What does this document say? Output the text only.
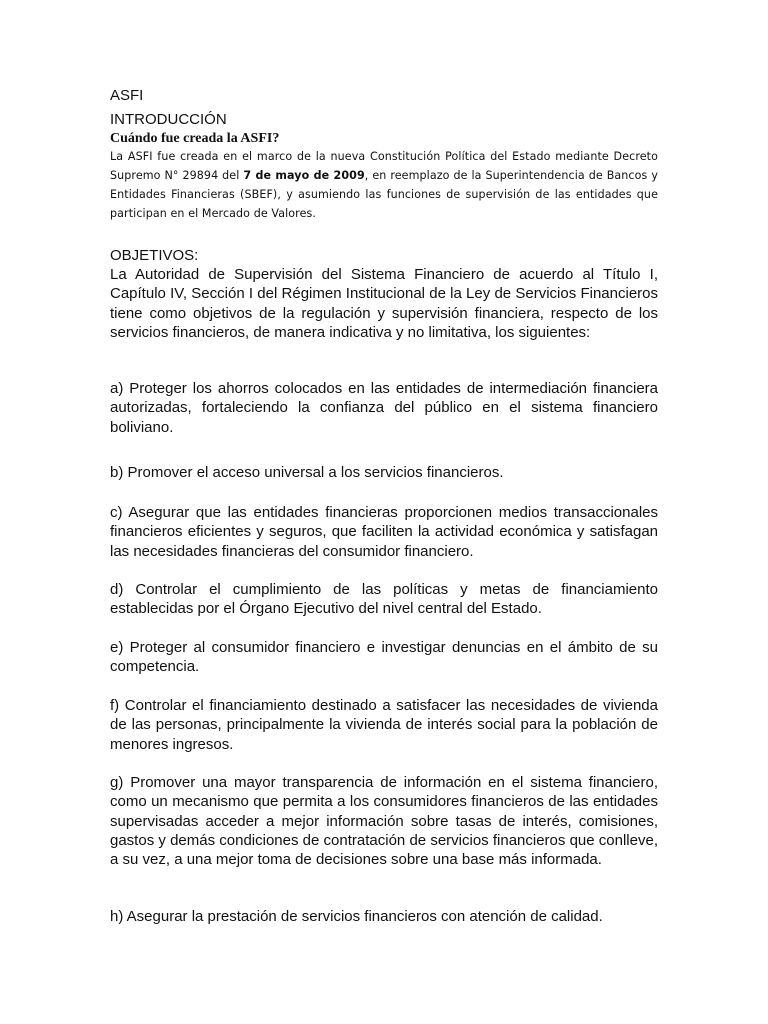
ASFI

INTRODUCCIÓN

Cuándo fue creada la ASFI?

La ASFI fue creada en el marco de la nueva Constitución Política del Estado mediante Decreto Supremo N° 29894 del 7 de mayo de 2009, en reemplazo de la Superintendencia de Bancos y Entidades Financieras (SBEF), y asumiendo las funciones de supervisión de las entidades que participan en el Mercado de Valores.

OBJETIVOS:

La Autoridad de Supervisión del Sistema Financiero de acuerdo al Título I, Capítulo IV, Sección I del Régimen Institucional de la Ley de Servicios Financieros tiene como objetivos de la regulación y supervisión financiera, respecto de los servicios financieros, de manera indicativa y no limitativa, los siguientes:

a) Proteger los ahorros colocados en las entidades de intermediación financiera autorizadas, fortaleciendo la confianza del público en el sistema financiero boliviano.

b) Promover el acceso universal a los servicios financieros.

c) Asegurar que las entidades financieras proporcionen medios transaccionales financieros eficientes y seguros, que faciliten la actividad económica y satisfagan las necesidades financieras del consumidor financiero.

d) Controlar el cumplimiento de las políticas y metas de financiamiento establecidas por el Órgano Ejecutivo del nivel central del Estado.

e) Proteger al consumidor financiero e investigar denuncias en el ámbito de su competencia.

f) Controlar el financiamiento destinado a satisfacer las necesidades de vivienda de las personas, principalmente la vivienda de interés social para la población de menores ingresos.

g) Promover una mayor transparencia de información en el sistema financiero, como un mecanismo que permita a los consumidores financieros de las entidades supervisadas acceder a mejor información sobre tasas de interés, comisiones, gastos y demás condiciones de contratación de servicios financieros que conlleve, a su vez, a una mejor toma de decisiones sobre una base más informada.

h) Asegurar la prestación de servicios financieros con atención de calidad.
